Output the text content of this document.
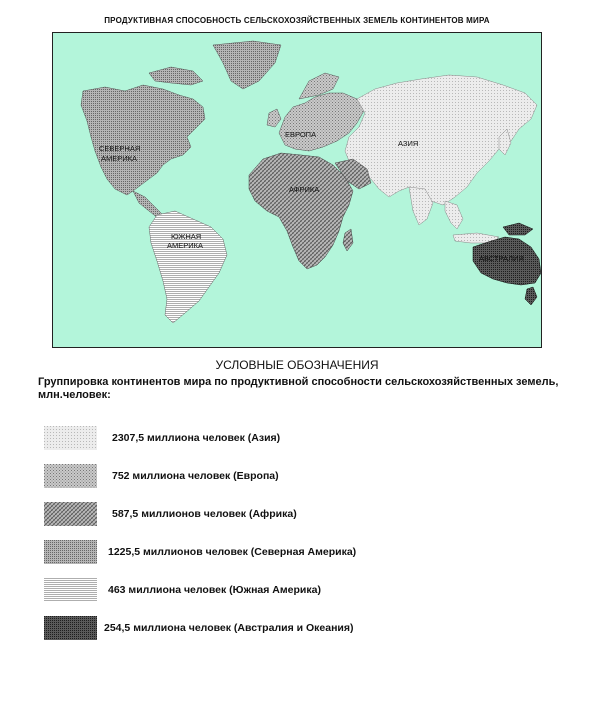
ПРОДУКТИВНАЯ СПОСОБНОСТЬ СЕЛЬСКОХОЗЯЙСТВЕННЫХ ЗЕМЕЛЬ КОНТИНЕНТОВ МИРА
ЕВРОПА
АЗИЯ
АФРИКА
СЕВЕРНАЯ
АМЕРИКА
ЮЖНАЯ
АМЕРИКА
АВСТРАЛИЯ
УСЛОВНЫЕ ОБОЗНАЧЕНИЯ
Группировка континентов мира по продуктивной способности сельскохозяйственных земель, млн.человек:
2307,5 миллиона человек (Азия)
752 миллиона человек (Европа)
587,5 миллионов человек (Африка)
1225,5 миллионов человек (Северная Америка)
463 миллиона человек (Южная Америка)
254,5 миллиона человек (Австралия и Океания)
